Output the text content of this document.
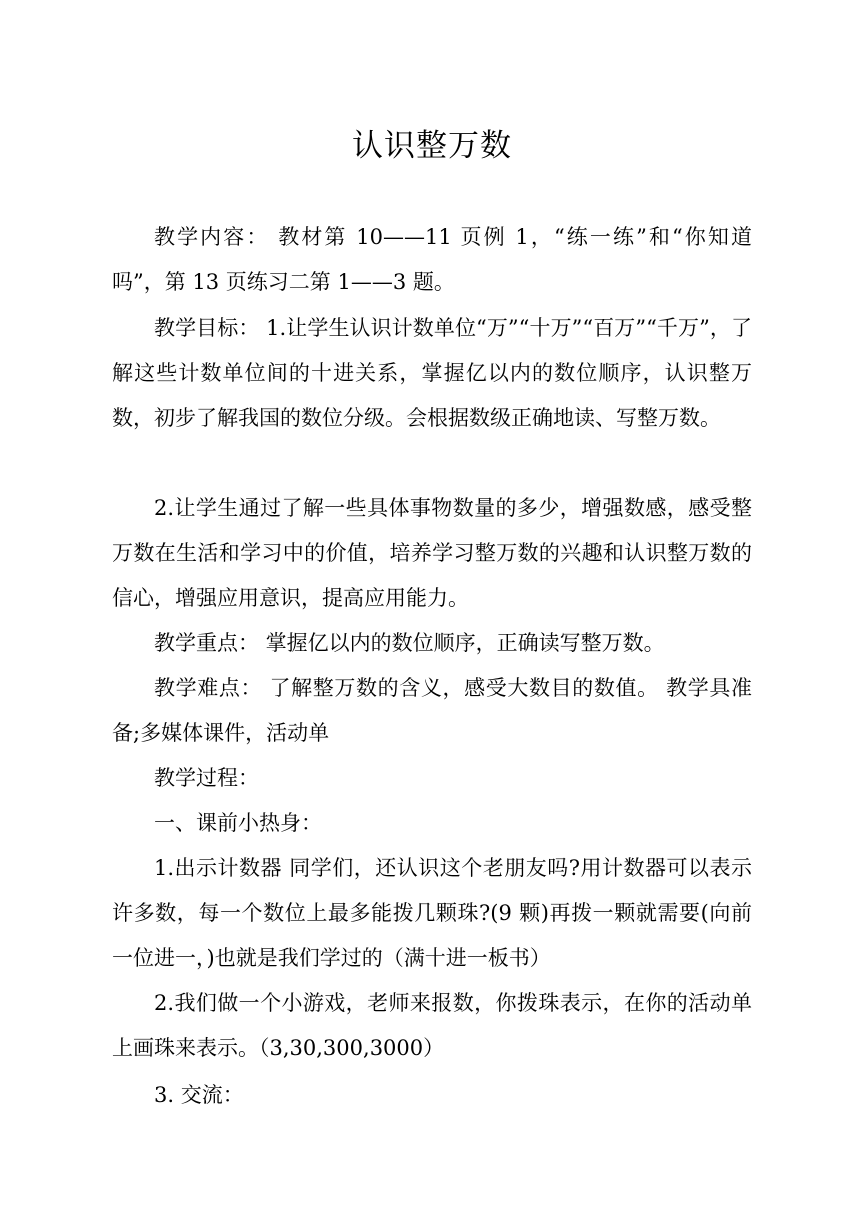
认识整万数
教学内容： 教材第 10——11 页例 1，“练一练”和“你知道吗”，第 13 页练习二第 1——3 题。
教学目标： 1.让学生认识计数单位“万”“十万”“百万”“千万”，了解这些计数单位间的十进关系，掌握亿以内的数位顺序，认识整万数，初步了解我国的数位分级。会根据数级正确地读、写整万数。
2.让学生通过了解一些具体事物数量的多少，增强数感，感受整万数在生活和学习中的价值，培养学习整万数的兴趣和认识整万数的信心，增强应用意识，提高应用能力。
教学重点： 掌握亿以内的数位顺序，正确读写整万数。
教学难点： 了解整万数的含义，感受大数目的数值。 教学具准备;多媒体课件，活动单
教学过程：
一、课前小热身：
1.出示计数器 同学们，还认识这个老朋友吗?用计数器可以表示许多数，每一个数位上最多能拨几颗珠?(9 颗)再拨一颗就需要(向前一位进一，)也就是我们学过的（满十进一板书）
2.我们做一个小游戏，老师来报数，你拨珠表示，在你的活动单上画珠来表示。（3,30,300,3000）
3. 交流：
